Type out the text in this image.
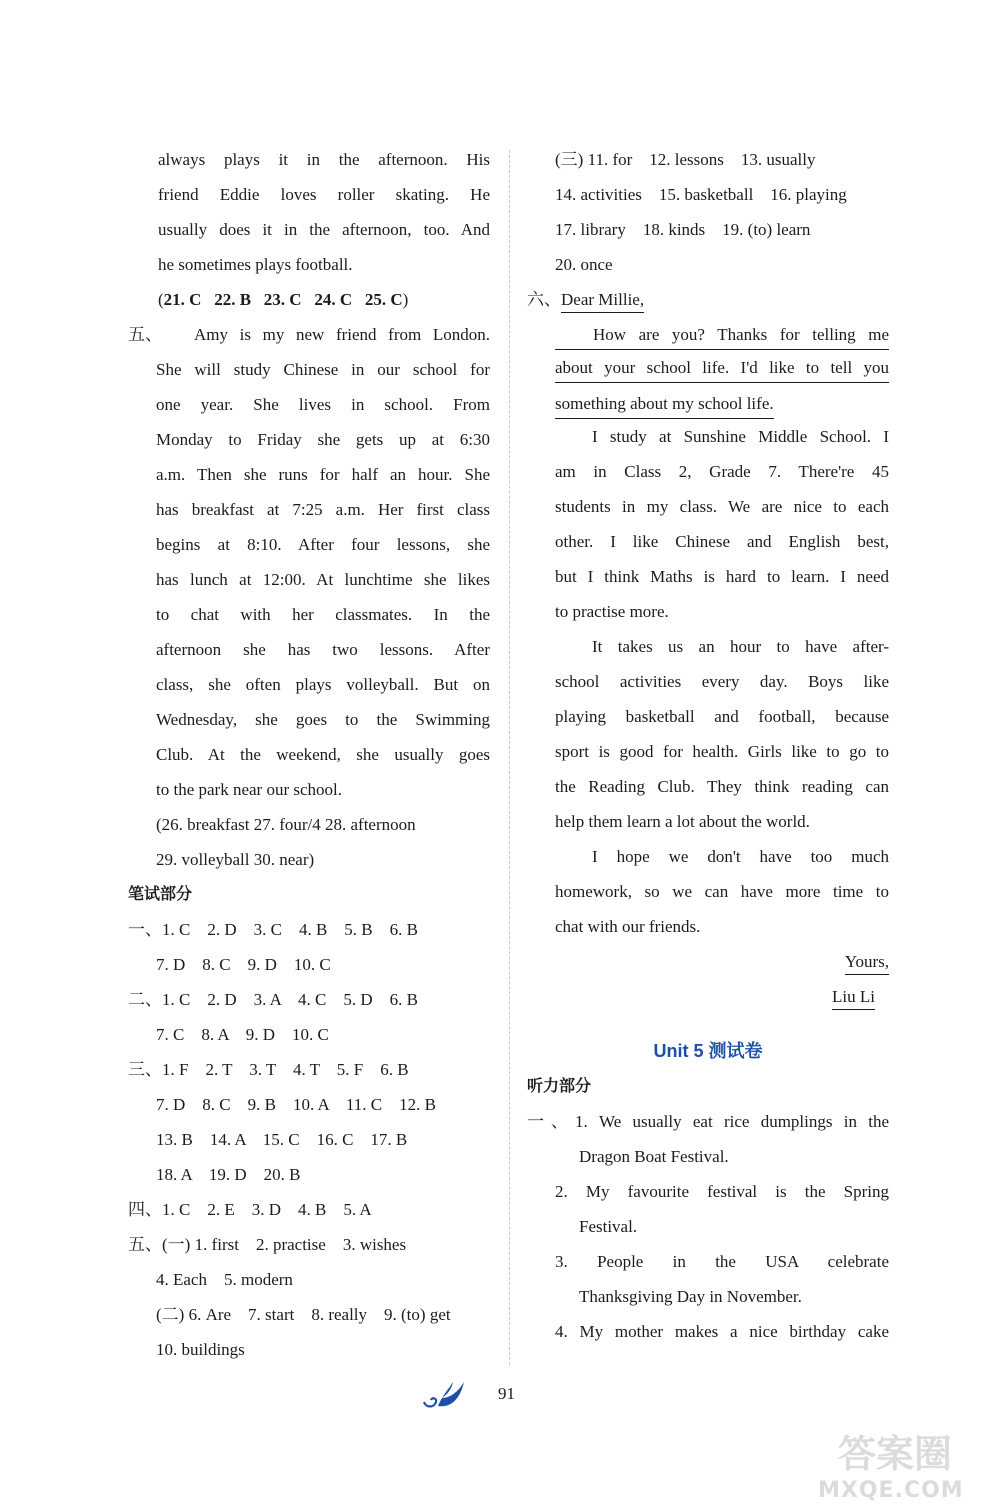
always plays it in the afternoon. His
friend Eddie loves roller skating. He
usually does it in the afternoon, too. And
he sometimes plays football.
(21. C 22. B 23. C 24. C 25. C)
五、	Amy is my new friend from London.
She will study Chinese in our school for
one year. She lives in school. From
Monday to Friday she gets up at 6:30
a.m. Then she runs for half an hour. She
has breakfast at 7:25 a.m. Her first class
begins at 8:10. After four lessons, she
has lunch at 12:00. At lunchtime she likes
to chat with her classmates. In the
afternoon she has two lessons. After
class, she often plays volleyball. But on
Wednesday, she goes to the Swimming
Club. At the weekend, she usually goes
to the park near our school.
(26. breakfast 27. four/4 28. afternoon
29. volleyball 30. near)
笔试部分
一、1. C    2. D    3. C    4. B    5. B    6. B
7. D    8. C    9. D    10. C
二、1. C    2. D    3. A    4. C    5. D    6. B
7. C    8. A    9. D    10. C
三、1. F    2. T    3. T    4. T    5. F    6. B
7. D    8. C    9. B    10. A    11. C    12. B
13. B    14. A    15. C    16. C    17. B
18. A    19. D    20. B
四、1. C    2. E    3. D    4. B    5. A
五、(一) 1. first    2. practise    3. wishes
4. Each    5. modern
(二) 6. Are    7. start    8. really    9. (to) get
10. buildings
(三) 11. for    12. lessons    13. usually
14. activities    15. basketball    16. playing
17. library    18. kinds    19. (to) learn
20. once
六、Dear Millie,
How are you? Thanks for telling me
about your school life. I'd like to tell you
something about my school life.
I study at Sunshine Middle School. I
am in Class 2, Grade 7. There're 45
students in my class. We are nice to each
other. I like Chinese and English best,
but I think Maths is hard to learn. I need
to practise more.
It takes us an hour to have after-
school activities every day. Boys like
playing basketball and football, because
sport is good for health. Girls like to go to
the Reading Club. They think reading can
help them learn a lot about the world.
I hope we don't have too much
homework, so we can have more time to
chat with our friends.
Yours,
Liu Li
Unit 5 测试卷
听力部分
一、1. We usually eat rice dumplings in the
Dragon Boat Festival.
2. My favourite festival is the Spring
Festival.
3. People in the USA celebrate
Thanksgiving Day in November.
4. My mother makes a nice birthday cake
91
答案圈
MXQE.COM
